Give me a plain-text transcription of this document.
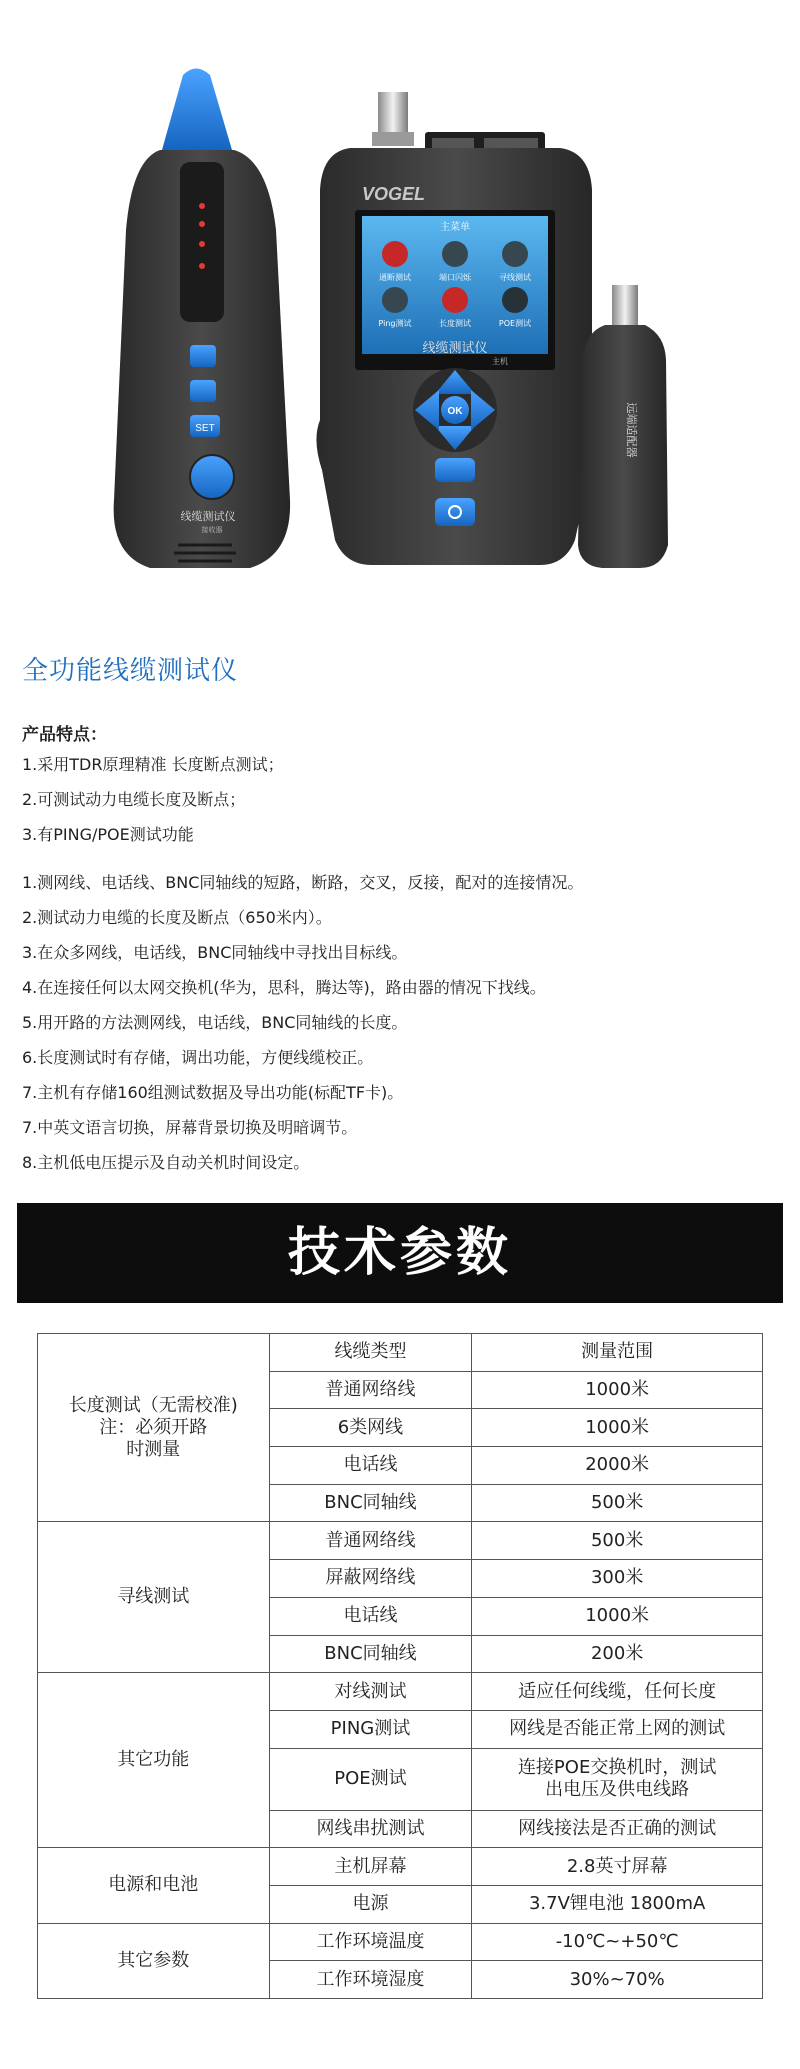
SET
线缆测试仪
接收器
VOGEL
主菜单
通断测试	端口闪烁	寻线测试
Ping测试	长度测试	POE测试
线缆测试仪
主机
OK	远端适配器
全功能线缆测试仪
产品特点：
1.采用TDR原理精准 长度断点测试；
2.可测试动力电缆长度及断点；
3.有PING/POE测试功能
1.测网线、电话线、BNC同轴线的短路，断路，交叉，反接，配对的连接情况。
2.测试动力电缆的长度及断点（650米内）。
3.在众多网线，电话线，BNC同轴线中寻找出目标线。
4.在连接任何以太网交换机(华为，思科，腾达等)，路由器的情况下找线。
5.用开路的方法测网线，电话线，BNC同轴线的长度。
6.长度测试时有存储，调出功能，方便线缆校正。
7.主机有存储160组测试数据及导出功能(标配TF卡)。
7.中英文语言切换，屏幕背景切换及明暗调节。
8.主机低电压提示及自动关机时间设定。
技术参数
长度测试（无需校准)
注：必须开路
时测量	线缆类型	测量范围
	普通网络线	1000米
	6类网线	1000米
	电话线	2000米
	BNC同轴线	500米
寻线测试	普通网络线	500米
	屏蔽网络线	300米
	电话线	1000米
	BNC同轴线	200米
其它功能	对线测试	适应任何线缆，任何长度
	PING测试	网线是否能正常上网的测试
	POE测试	连接POE交换机时，测试
出电压及供电线路

	网线串扰测试	网线接法是否正确的测试
电源和电池	主机屏幕	2.8英寸屏幕
	电源	3.7V锂电池 1800mA
其它参数	工作环境温度	-10℃~+50℃
	工作环境湿度	30%~70%
